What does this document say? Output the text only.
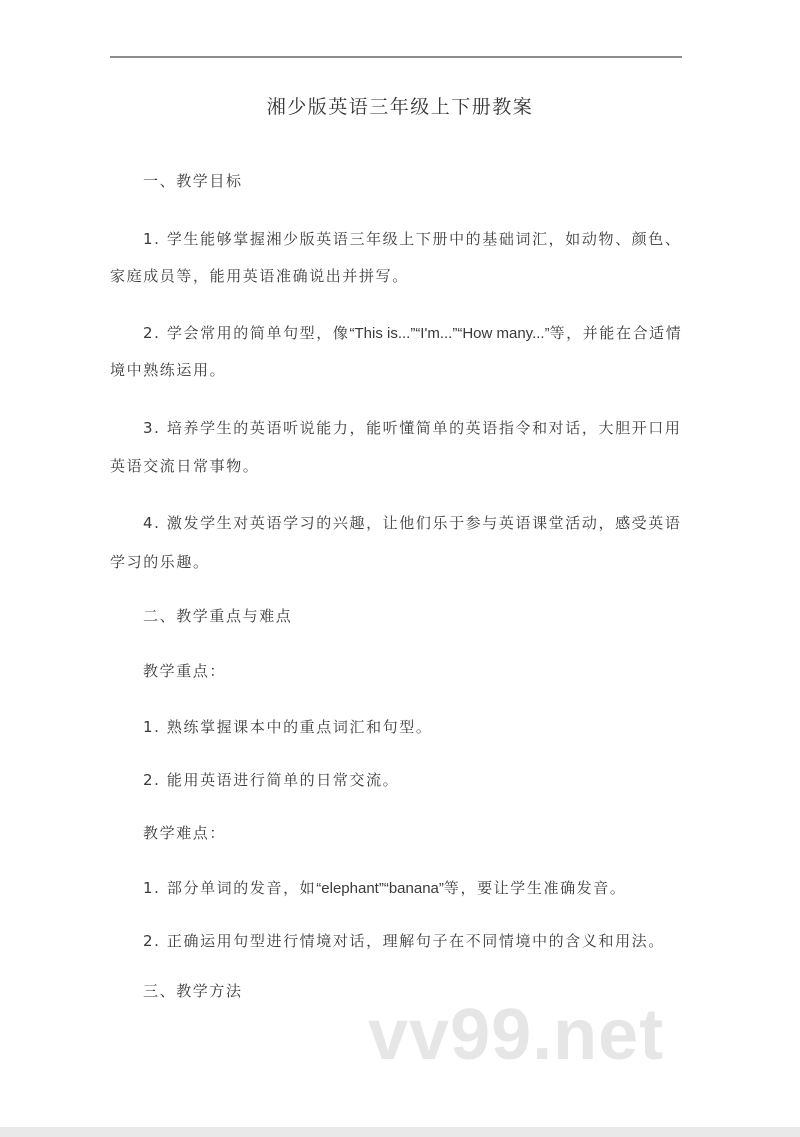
湘少版英语三年级上下册教案
一、教学目标
1. 学生能够掌握湘少版英语三年级上下册中的基础词汇，如动物、颜色、
家庭成员等，能用英语准确说出并拼写。
2. 学会常用的简单句型，像“This is...”“I'm...”“How many...”等，并能在合适情
境中熟练运用。
3. 培养学生的英语听说能力，能听懂简单的英语指令和对话，大胆开口用
英语交流日常事物。
4. 激发学生对英语学习的兴趣，让他们乐于参与英语课堂活动，感受英语
学习的乐趣。
二、教学重点与难点
教学重点：
1. 熟练掌握课本中的重点词汇和句型。
2. 能用英语进行简单的日常交流。
教学难点：
1. 部分单词的发音，如“elephant”“banana”等，要让学生准确发音。
2. 正确运用句型进行情境对话，理解句子在不同情境中的含义和用法。
三、教学方法
vv99.net
